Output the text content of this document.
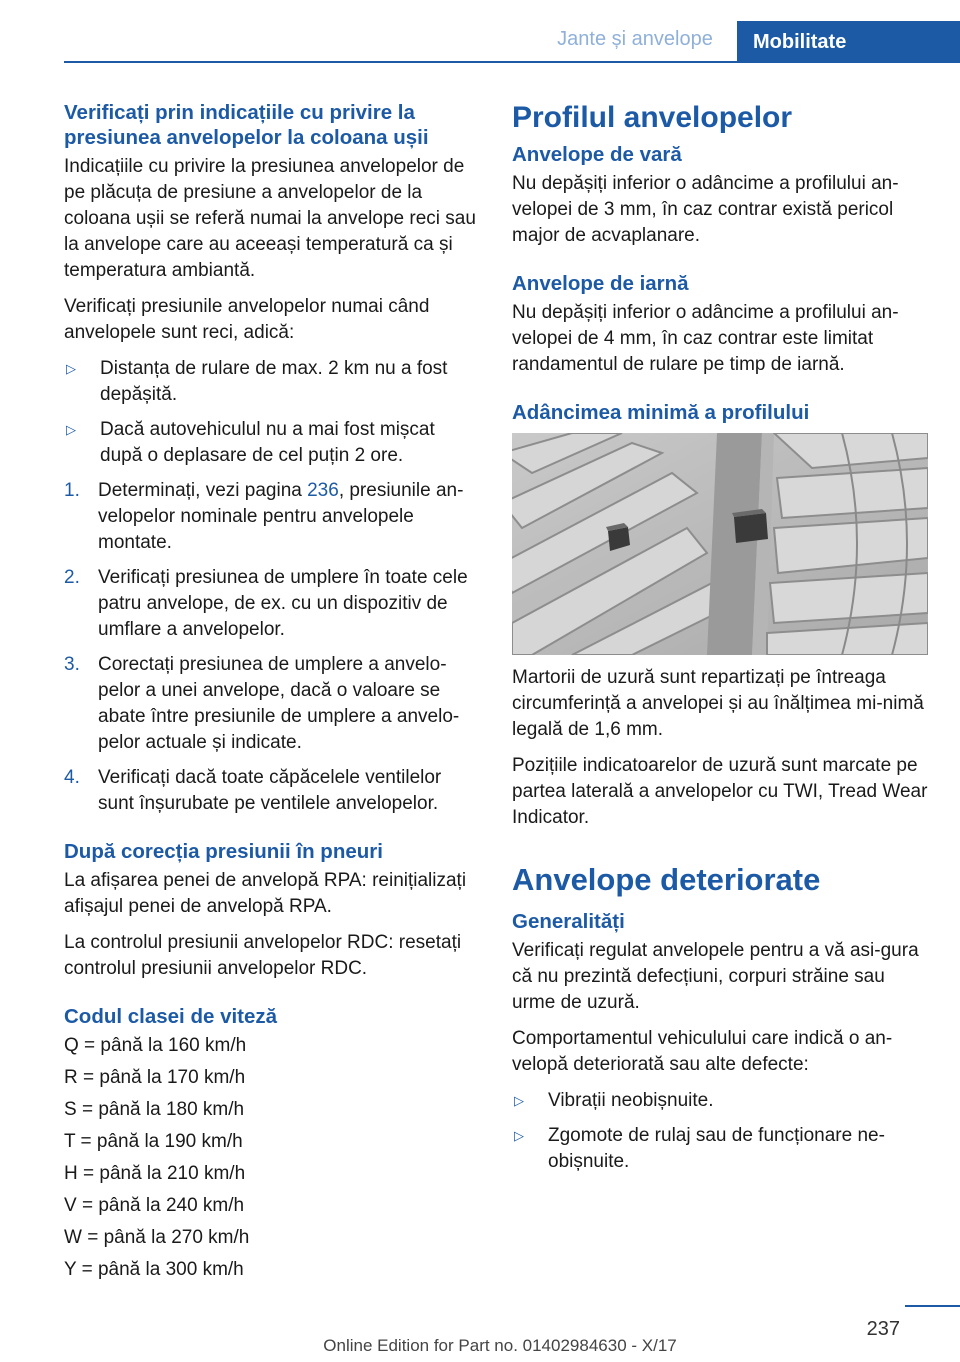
Jante și anvelope	Mobilitate
Verificați prin indicațiile cu privire la presiunea anvelopelor la coloana ușii

Indicațiile cu privire la presiunea anvelopelor de pe plăcuța de presiune a anvelopelor de la coloana ușii se referă numai la anvelope reci sau la anvelope care au aceeași temperatură ca și temperatura ambiantă.

Verificați presiunile anvelopelor numai când anvelopele sunt reci, adică:

▷	Distanța de rulare de max. 2 km nu a fost depășită.
▷	Dacă autovehiculul nu a mai fost mișcat după o deplasare de cel puțin 2 ore.
1. Determinați, vezi pagina 236, presiunile an‐velopelor nominale pentru anvelopele montate.
2. Verificați presiunea de umplere în toate cele patru anvelope, de ex. cu un dispozitiv de umflare a anvelopelor.
3. Corectați presiunea de umplere a anvelo‐pelor a unei anvelope, dacă o valoare se abate între presiunile de umplere a anvelo‐pelor actuale și indicate.
4. Verificați dacă toate căpăcelele ventilelor sunt înșurubate pe ventilele anvelopelor.
După corecția presiunii în pneuri

La afișarea penei de anvelopă RPA: reinițializați afișajul penei de anvelopă RPA.

La controlul presiunii anvelopelor RDC: resetați controlul presiunii anvelopelor RDC.

Codul clasei de viteză

Q = până la 160 km/h

R = până la 170 km/h

S = până la 180 km/h

T = până la 190 km/h

H = până la 210 km/h

V = până la 240 km/h

W = până la 270 km/h

Y = până la 300 km/h

Profilul anvelopelor
Anvelope de vară

Nu depășiți inferior o adâncime a profilului an‐velopei de 3 mm, în caz contrar există pericol major de acvaplanare.

Anvelope de iarnă

Nu depășiți inferior o adâncime a profilului an‐velopei de 4 mm, în caz contrar este limitat randamentul de rulare pe timp de iarnă.

Adâncimea minimă a profilului

Martorii de uzură sunt repartizați pe întreaga circumferință a anvelopei și au înălțimea mi‐nimă legală de 1,6 mm.

Pozițiile indicatoarelor de uzură sunt marcate pe partea laterală a anvelopelor cu TWI, Tread Wear Indicator.

Anvelope deteriorate
Generalități

Verificați regulat anvelopele pentru a vă asi‐gura că nu prezintă defecțiuni, corpuri străine sau urme de uzură.

Comportamentul vehiculului care indică o an‐velopă deteriorată sau alte defecte:

▷	Vibrații neobișnuite.
▷	Zgomote de rulaj sau de funcționare ne‐obișnuite.
237
Online Edition for Part no. 01402984630 - X/17
